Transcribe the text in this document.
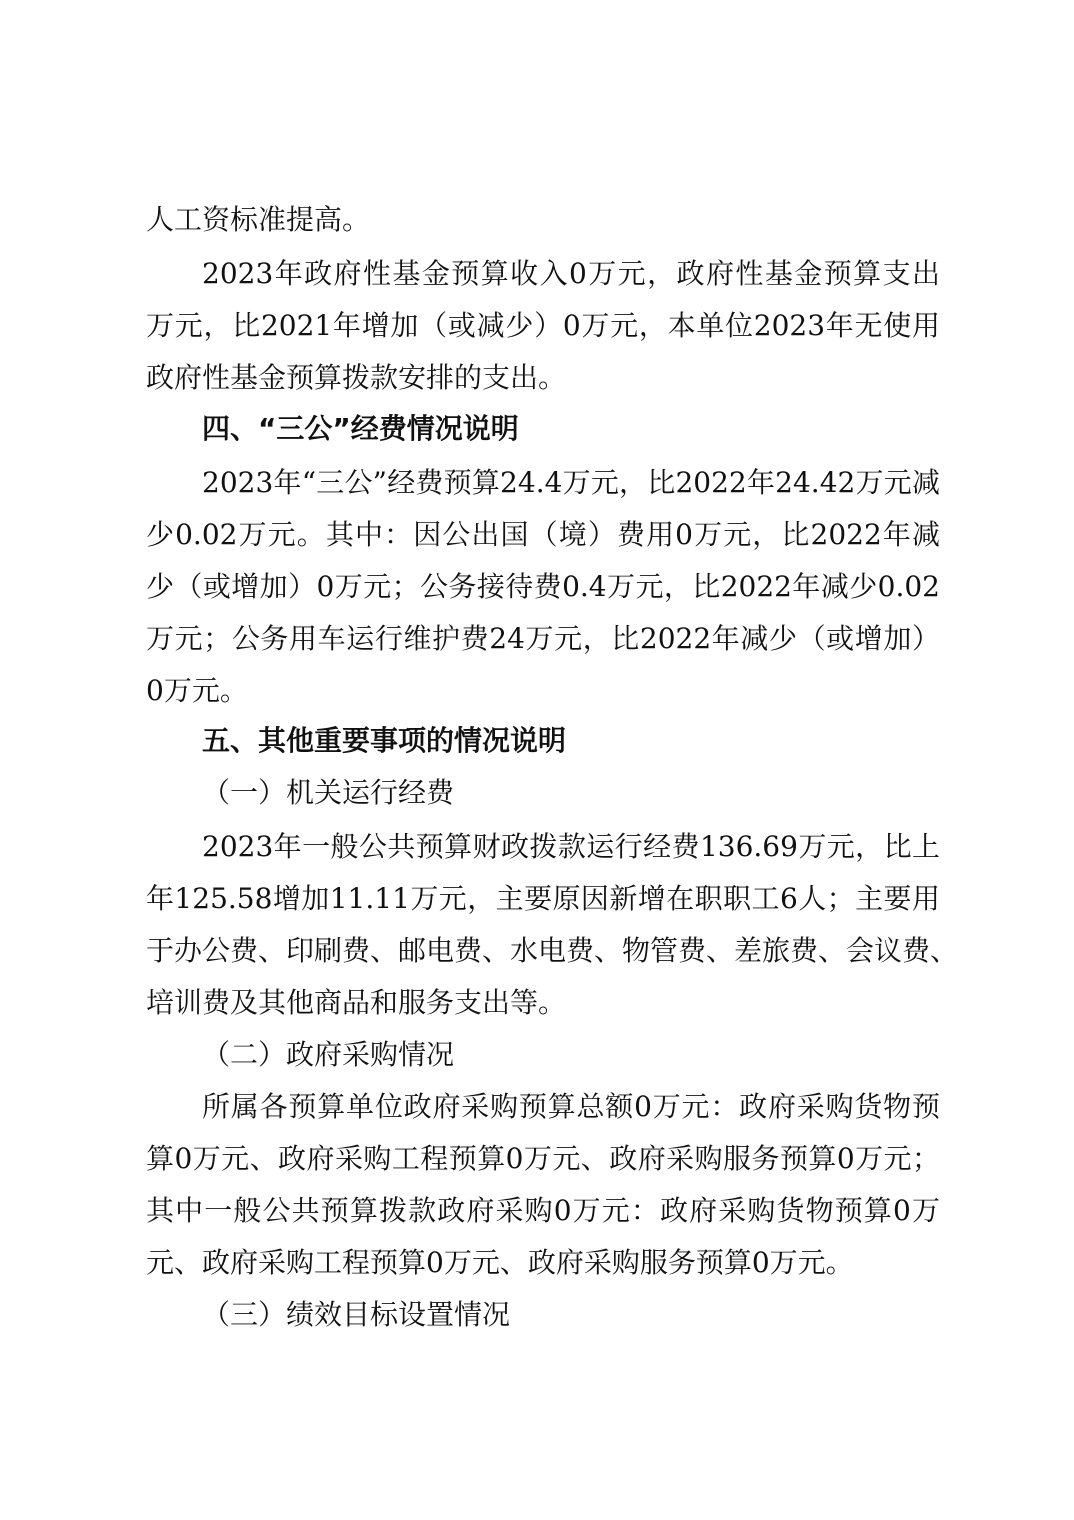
人工资标准提高。
2023年政府性基金预算收入0万元，政府性基金预算支出
万元，比2021年增加（或减少）0万元，本单位2023年无使用
政府性基金预算拨款安排的支出。
四、“三公”经费情况说明
2023年“三公”经费预算24.4万元，比2022年24.42万元减
少0.02万元。其中：因公出国（境）费用0万元，比2022年减
少（或增加）0万元；公务接待费0.4万元，比2022年减少0.02
万元；公务用车运行维护费24万元，比2022年减少（或增加）
0万元。
五、其他重要事项的情况说明
（一）机关运行经费
2023年一般公共预算财政拨款运行经费136.69万元，比上
年125.58增加11.11万元，主要原因新增在职职工6人；主要用
于办公费、印刷费、邮电费、水电费、物管费、差旅费、会议费、
培训费及其他商品和服务支出等。
（二）政府采购情况
所属各预算单位政府采购预算总额0万元：政府采购货物预
算0万元、政府采购工程预算0万元、政府采购服务预算0万元；
其中一般公共预算拨款政府采购0万元：政府采购货物预算0万
元、政府采购工程预算0万元、政府采购服务预算0万元。
（三）绩效目标设置情况
